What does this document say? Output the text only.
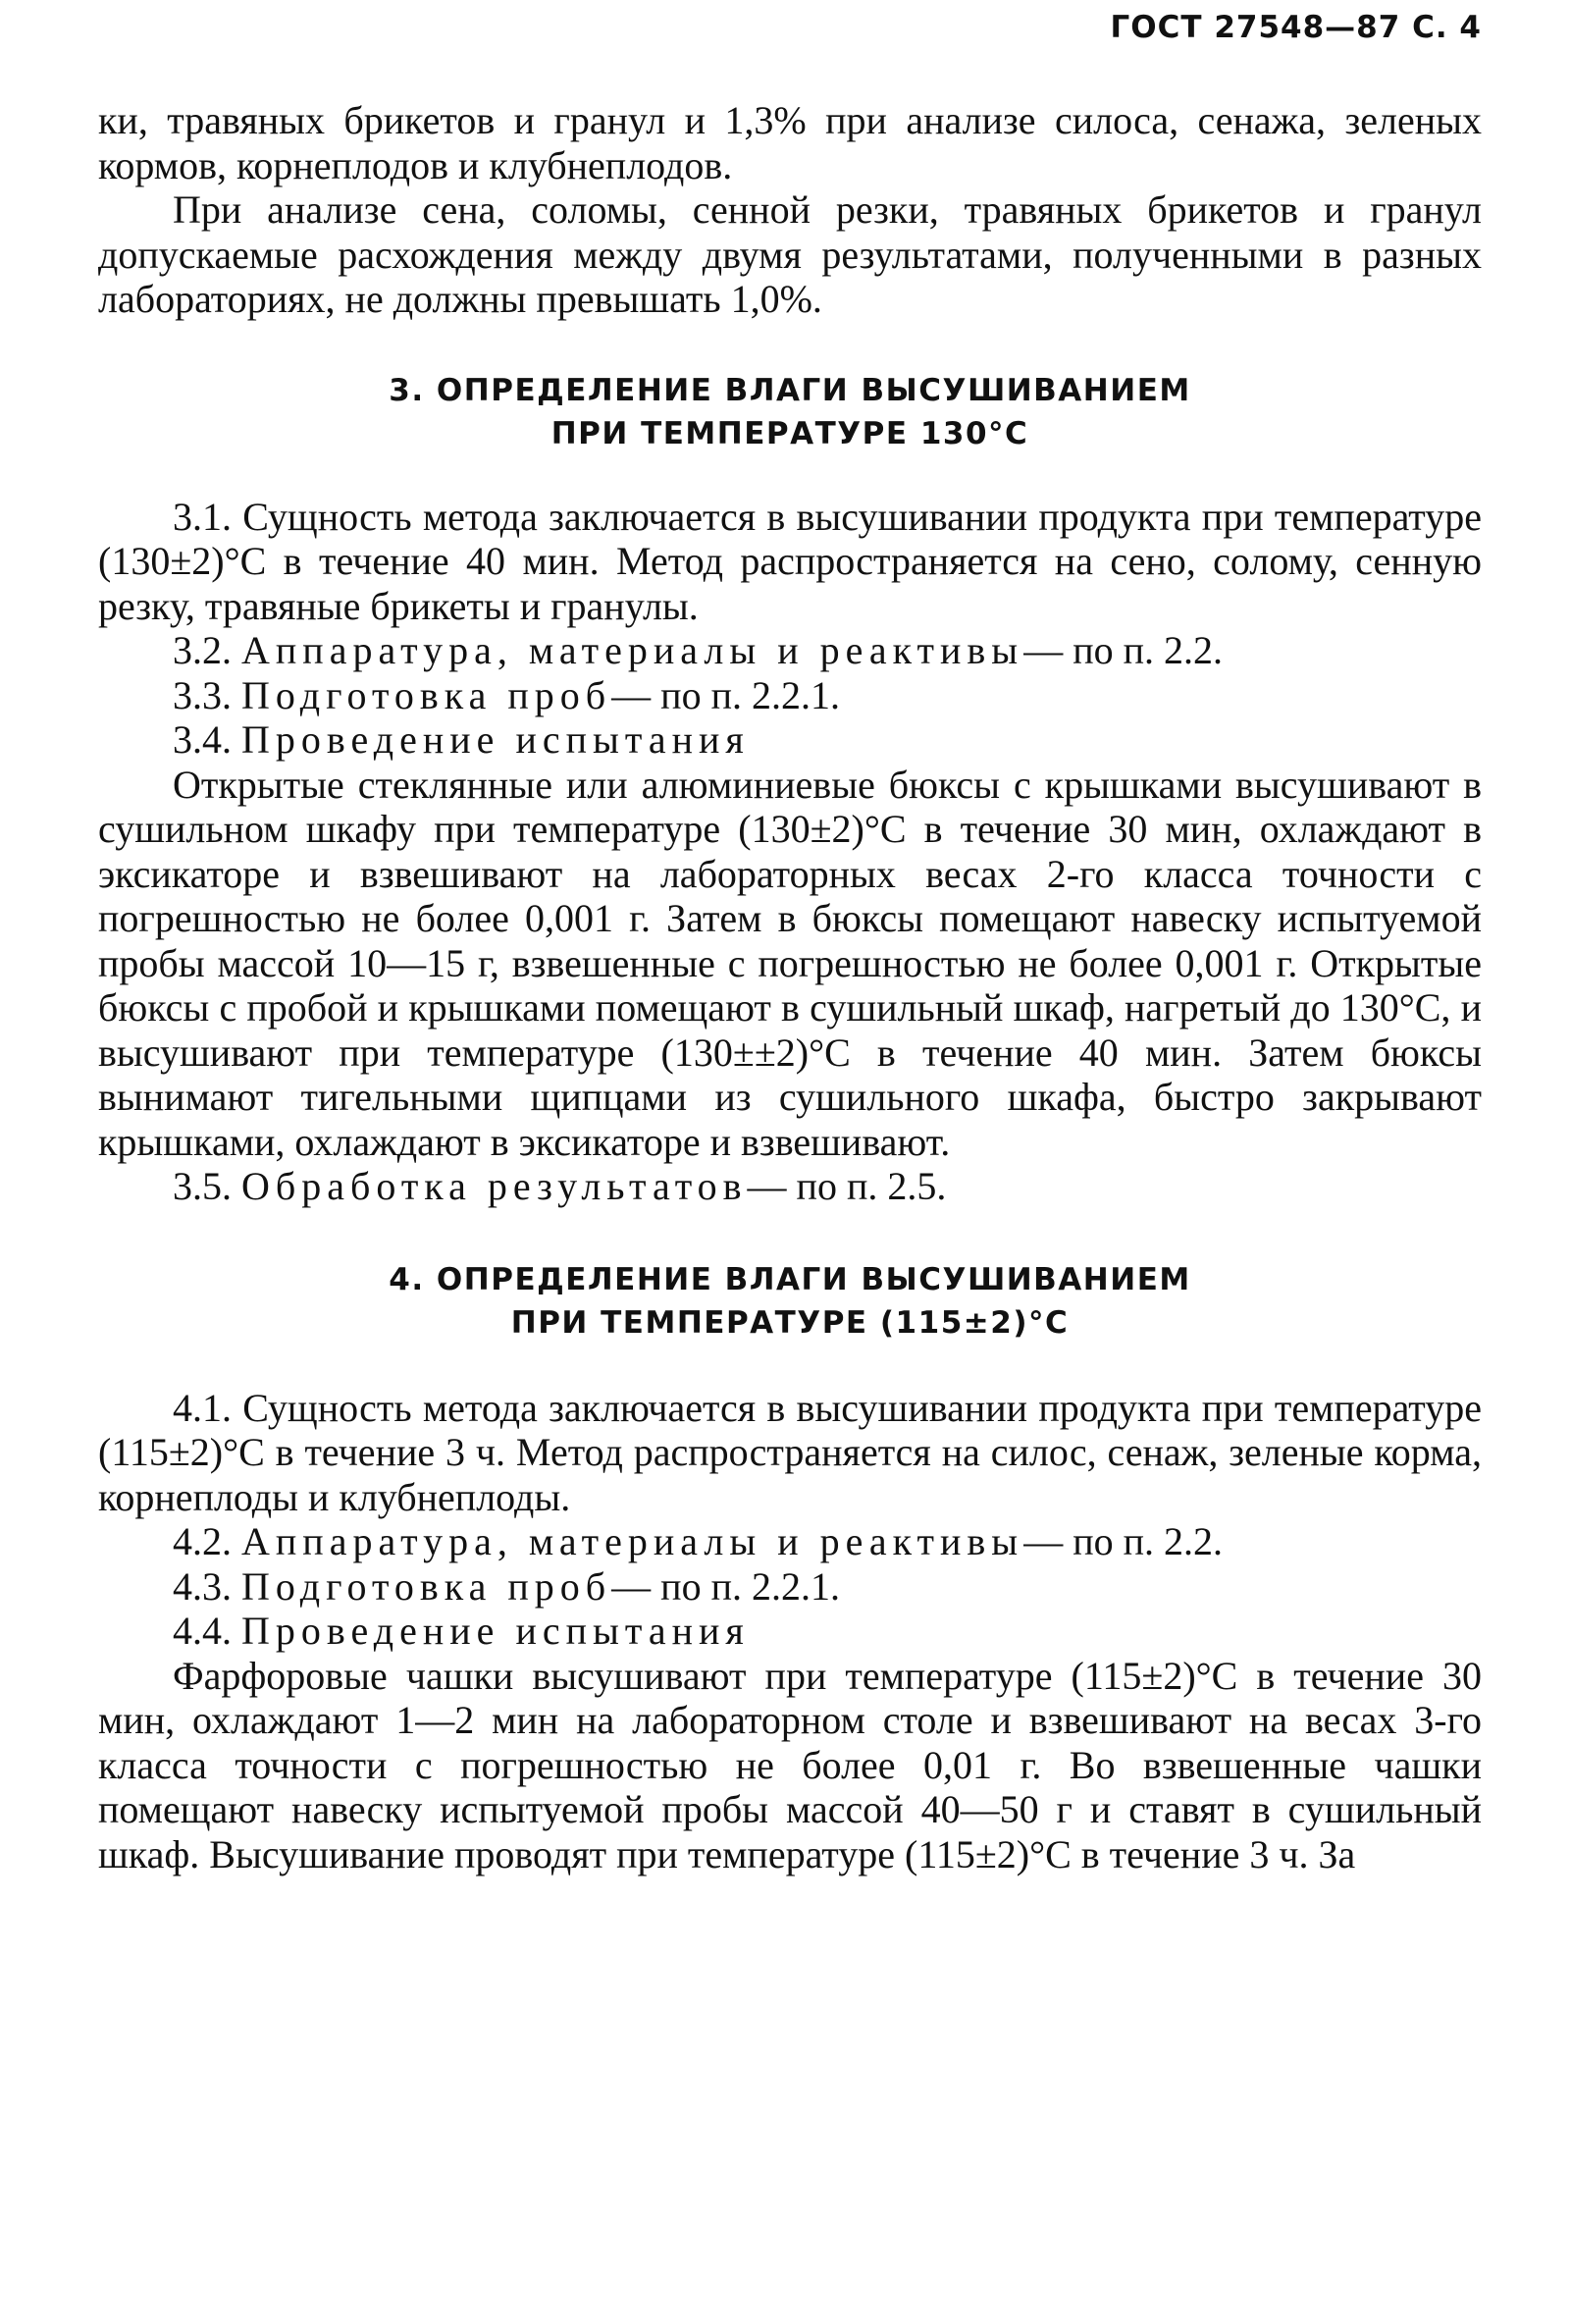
ГОСТ 27548—87 С. 4

ки, травяных брикетов и гранул и 1,3% при анализе силоса, сенажа, зеленых кормов, корнеплодов и клубнеплодов.

При анализе сена, соломы, сенной резки, травяных брикетов и гранул допускаемые расхождения между двумя результатами, полученными в разных лабораториях, не должны превышать 1,0%.

3. ОПРЕДЕЛЕНИЕ ВЛАГИ ВЫСУШИВАНИЕМ
ПРИ ТЕМПЕРАТУРЕ 130°С

3.1. Сущность метода заключается в высушивании продукта при температуре (130±2)°С в течение 40 мин. Метод распространяется на сено, солому, сенную резку, травяные брикеты и гранулы.

3.2. Аппаратура, материалы и реактивы— по п. 2.2.

3.3. Подготовка проб— по п. 2.2.1.

3.4. Проведение испытания

Открытые стеклянные или алюминиевые бюксы с крышками высушивают в сушильном шкафу при температуре (130±2)°С в течение 30 мин, охлаждают в эксикаторе и взвешивают на лабораторных весах 2-го класса точности с погрешностью не более 0,001 г. Затем в бюксы помещают навеску испытуемой пробы массой 10—15 г, взвешенные с погрешностью не более 0,001 г. Открытые бюксы с пробой и крышками помещают в сушильный шкаф, нагретый до 130°С, и высушивают при температуре (130±±2)°С в течение 40 мин. Затем бюксы вынимают тигельными щипцами из сушильного шкафа, быстро закрывают крышками, охлаждают в эксикаторе и взвешивают.

3.5. Обработка результатов— по п. 2.5.

4. ОПРЕДЕЛЕНИЕ ВЛАГИ ВЫСУШИВАНИЕМ
ПРИ ТЕМПЕРАТУРЕ (115±2)°С

4.1. Сущность метода заключается в высушивании продукта при температуре (115±2)°С в течение 3 ч. Метод распространяется на силос, сенаж, зеленые корма, корнеплоды и клубнеплоды.

4.2. Аппаратура, материалы и реактивы— по п. 2.2.

4.3. Подготовка проб— по п. 2.2.1.

4.4. Проведение испытания

Фарфоровые чашки высушивают при температуре (115±2)°С в течение 30 мин, охлаждают 1—2 мин на лабораторном столе и взвешивают на весах 3-го класса точности с погрешностью не более 0,01 г. Во взвешенные чашки помещают навеску испытуемой пробы массой 40—50 г и ставят в сушильный шкаф. Высушивание проводят при температуре (115±2)°С в течение 3 ч. За
